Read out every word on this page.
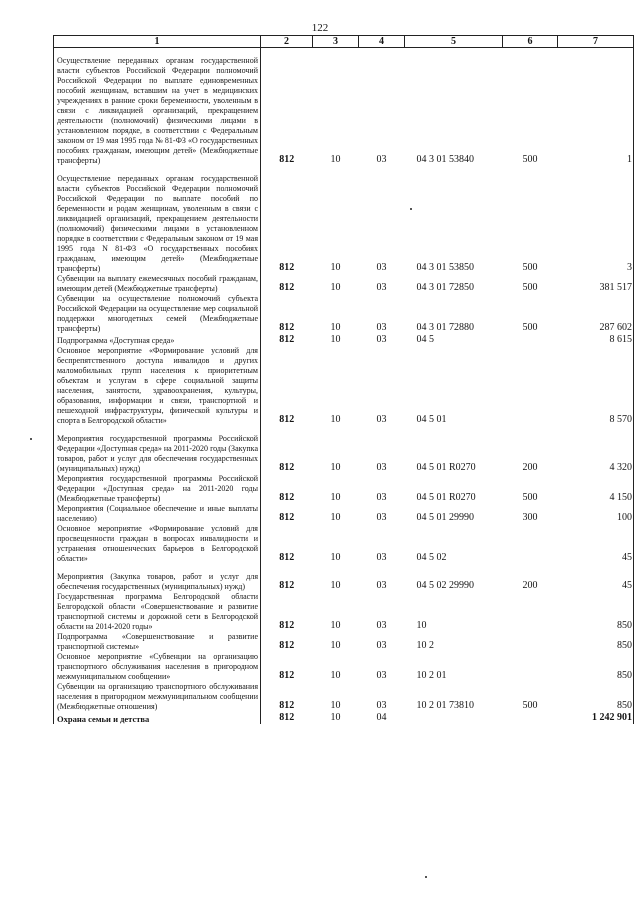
122
1	2	3	4	5	6	7

Осуществление переданных органам государственной власти субъектов Российской Федерации полномочий Российской Федерации по выплате единовременных пособий женщинам, вставшим на учет в медицинских учреждениях в ранние сроки беременности, уволенным в связи с ликвидацией организаций, прекращением деятельности (полномочий) физическими лицами в установленном порядке, в соответствии с Федеральным законом от 19 мая 1995 года № 81-ФЗ «О государственных пособиях гражданам, имеющим детей» (Межбюджетные трансферты)	812	10	03	04 3 01 53840	500	1

Осуществление переданных органам государственной власти субъектов Российской Федерации полномочий Российской Федерации по выплате пособий по беременности и родам женщинам, уволенным в связи с ликвидацией организаций, прекращением деятельности (полномочий) физическими лицами в установленном порядке в соответствии с Федеральным законом от 19 мая 1995 года N 81-ФЗ «О государственных пособиях гражданам, имеющим детей» (Межбюджетные трансферты)	812	10	03	04 3 01 53850	500	3
Субвенции на выплату ежемесячных пособий гражданам, имеющим детей (Межбюджетные трансферты)	812	10	03	04 3 01 72850	500	381 517
Субвенции на осуществление полномочий субъекта Российской Федерации на осуществление мер социальной поддержки многодетных семей (Межбюджетные трансферты)	812	10	03	04 3 01 72880	500	287 602
Подпрограмма «Доступная среда»	812	10	03	04 5		8 615
Основное мероприятие «Формирование условий для беспрепятственного доступа инвалидов и других маломобильных групп населения к приоритетным объектам и услугам в сфере социальной защиты населения, занятости, здравоохранения, культуры, образования, информации и связи, транспортной и пешеходной инфраструктуры, физической культуры и спорта в Белгородской области»	812	10	03	04 5 01		8 570

Мероприятия государственной программы Российской Федерации «Доступная среда» на 2011-2020 годы (Закупка товаров, работ и услуг для обеспечения государственных (муниципальных) нужд)	812	10	03	04 5 01 R0270	200	4 320
Мероприятия государственной программы Российской Федерации «Доступная среда» на 2011-2020 годы (Межбюджетные трансферты)	812	10	03	04 5 01 R0270	500	4 150
Мероприятия (Социальное обеспечение и иные выплаты населению)	812	10	03	04 5 01 29990	300	100
Основное мероприятие «Формирование условий для просвещенности граждан в вопросах инвалидности и устранения отношенческих барьеров в Белгородской области»	812	10	03	04 5 02		45

Мероприятия (Закупка товаров, работ и услуг для обеспечения государственных (муниципальных) нужд)	812	10	03	04 5 02 29990	200	45
Государственная программа Белгородской области Белгородской области «Совершенствование и развитие транспортной системы и дорожной сети в Белгородской области на 2014-2020 годы»	812	10	03	10		850
Подпрограмма «Совершенствование и развитие транспортной системы»	812	10	03	10 2		850
Основное мероприятие «Субвенции на организацию транспортного обслуживания населения в пригородном межмуниципальном сообщении»	812	10	03	10 2 01		850
Субвенции на организацию транспортного обслуживания населения в пригородном межмуниципальном сообщении (Межбюджетные отношения)	812	10	03	10 2 01 73810	500	850
Охрана семьи и детства	812	10	04			1 242 901
